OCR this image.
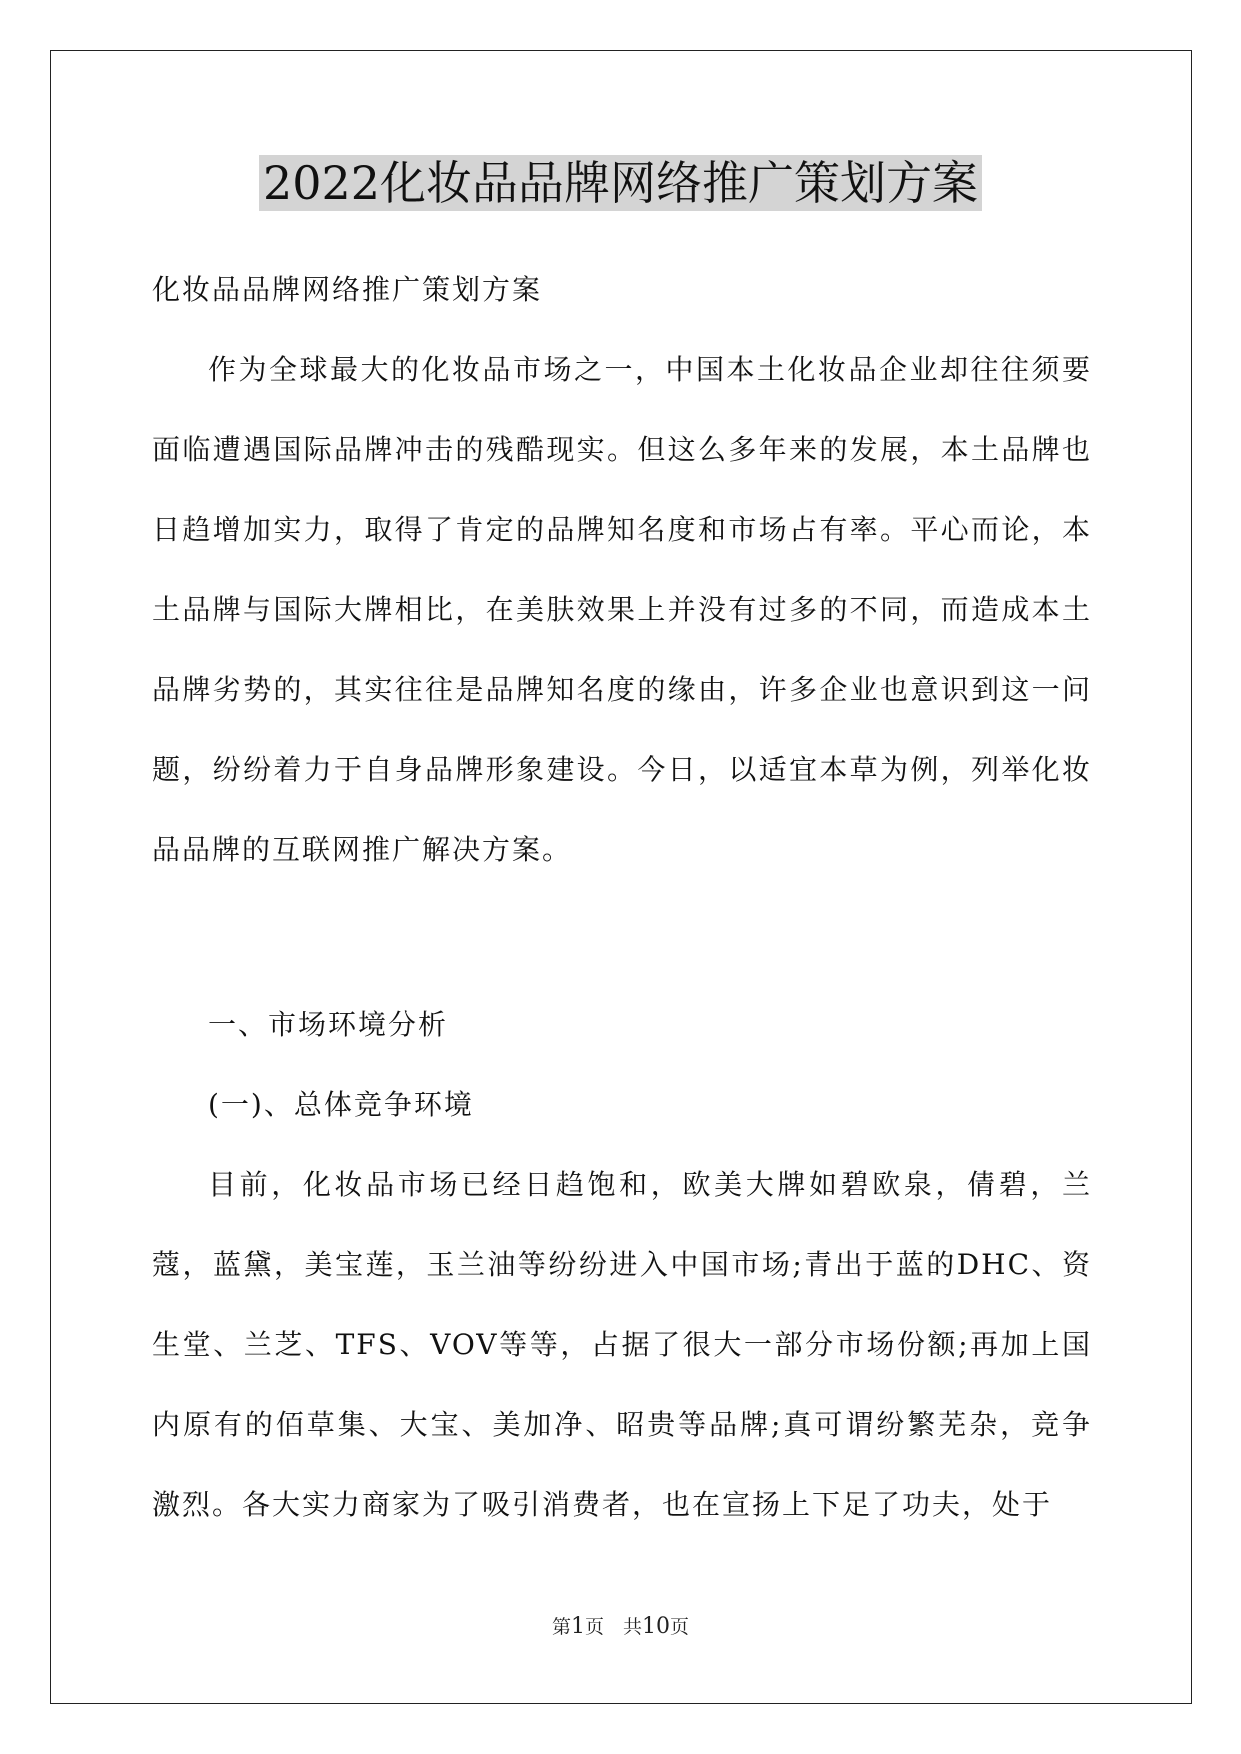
2022化妆品品牌网络推广策划方案

化妆品品牌网络推广策划方案

作为全球最大的化妆品市场之一，中国本土化妆品企业却往往须要面临遭遇国际品牌冲击的残酷现实。但这么多年来的发展，本土品牌也日趋增加实力，取得了肯定的品牌知名度和市场占有率。平心而论，本土品牌与国际大牌相比，在美肤效果上并没有过多的不同，而造成本土品牌劣势的，其实往往是品牌知名度的缘由，许多企业也意识到这一问题，纷纷着力于自身品牌形象建设。今日，以适宜本草为例，列举化妆品品牌的互联网推广解决方案。

一、市场环境分析

(一)、总体竞争环境

目前，化妆品市场已经日趋饱和，欧美大牌如碧欧泉，倩碧，兰蔻，蓝黛，美宝莲，玉兰油等纷纷进入中国市场;青出于蓝的DHC、资生堂、兰芝、TFS、VOV等等，占据了很大一部分市场份额;再加上国内原有的佰草集、大宝、美加净、昭贵等品牌;真可谓纷繁芜杂，竞争激烈。各大实力商家为了吸引消费者，也在宣扬上下足了功夫，处于

第1页　共10页
